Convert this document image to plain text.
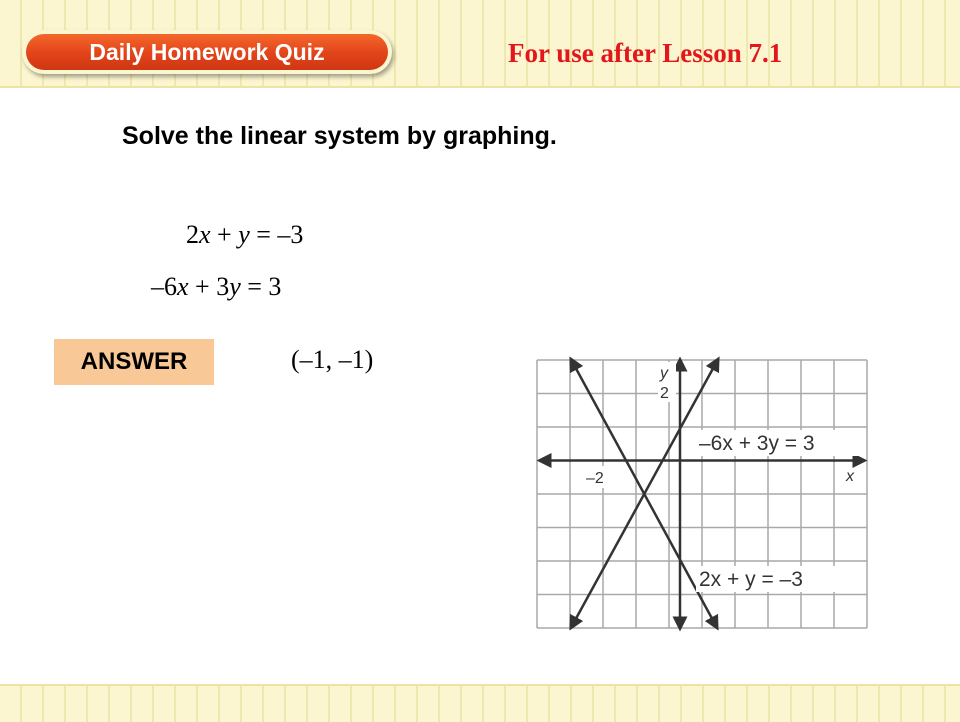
Daily Homework Quiz	For use after Lesson 7.1
Solve the linear system by graphing.
2x + y = –3
–6x + 3y = 3
ANSWER	(–1, –1)
–6x + 3y = 3
2x + y = –3
y
2
–2	x
